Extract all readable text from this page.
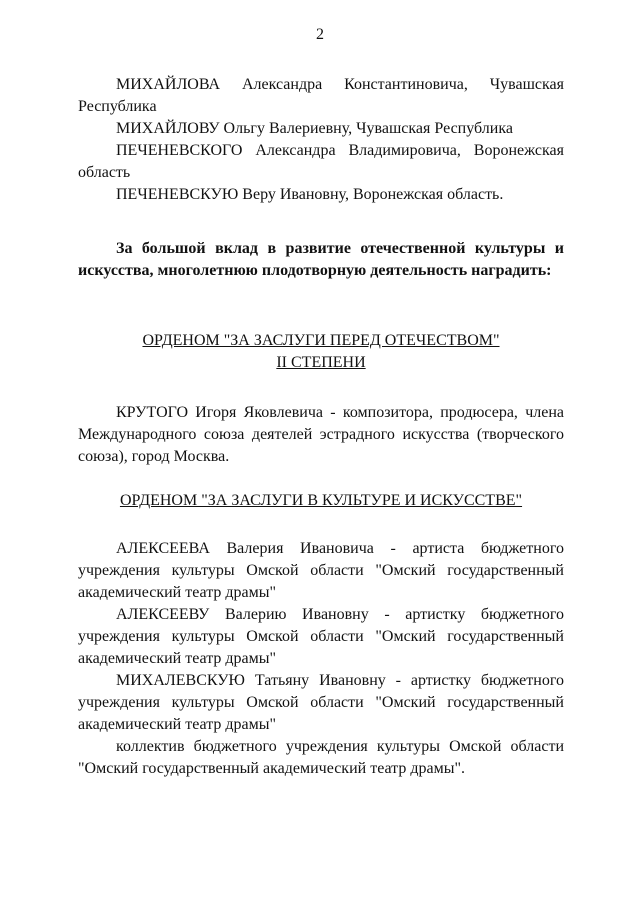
2

МИХАЙЛОВА Александра Константиновича, Чувашская Республика

МИХАЙЛОВУ Ольгу Валериевну, Чувашская Республика

ПЕЧЕНЕВСКОГО Александра Владимировича, Воронежская область

ПЕЧЕНЕВСКУЮ Веру Ивановну, Воронежская область.

За большой вклад в развитие отечественной культуры и искусства, многолетнюю плодотворную деятельность наградить:

ОРДЕНОМ "ЗА ЗАСЛУГИ ПЕРЕД ОТЕЧЕСТВОМ"

II СТЕПЕНИ

КРУТОГО Игоря Яковлевича - композитора, продюсера, члена Международного союза деятелей эстрадного искусства (творческого союза), город Москва.

ОРДЕНОМ "ЗА ЗАСЛУГИ В КУЛЬТУРЕ И ИСКУССТВЕ"

АЛЕКСЕЕВА Валерия Ивановича - артиста бюджетного учреждения культуры Омской области "Омский государственный академический театр драмы"

АЛЕКСЕЕВУ Валерию Ивановну - артистку бюджетного учреждения культуры Омской области "Омский государственный академический театр драмы"

МИХАЛЕВСКУЮ Татьяну Ивановну - артистку бюджетного учреждения культуры Омской области "Омский государственный академический театр драмы"

коллектив бюджетного учреждения культуры Омской области "Омский государственный академический театр драмы".
